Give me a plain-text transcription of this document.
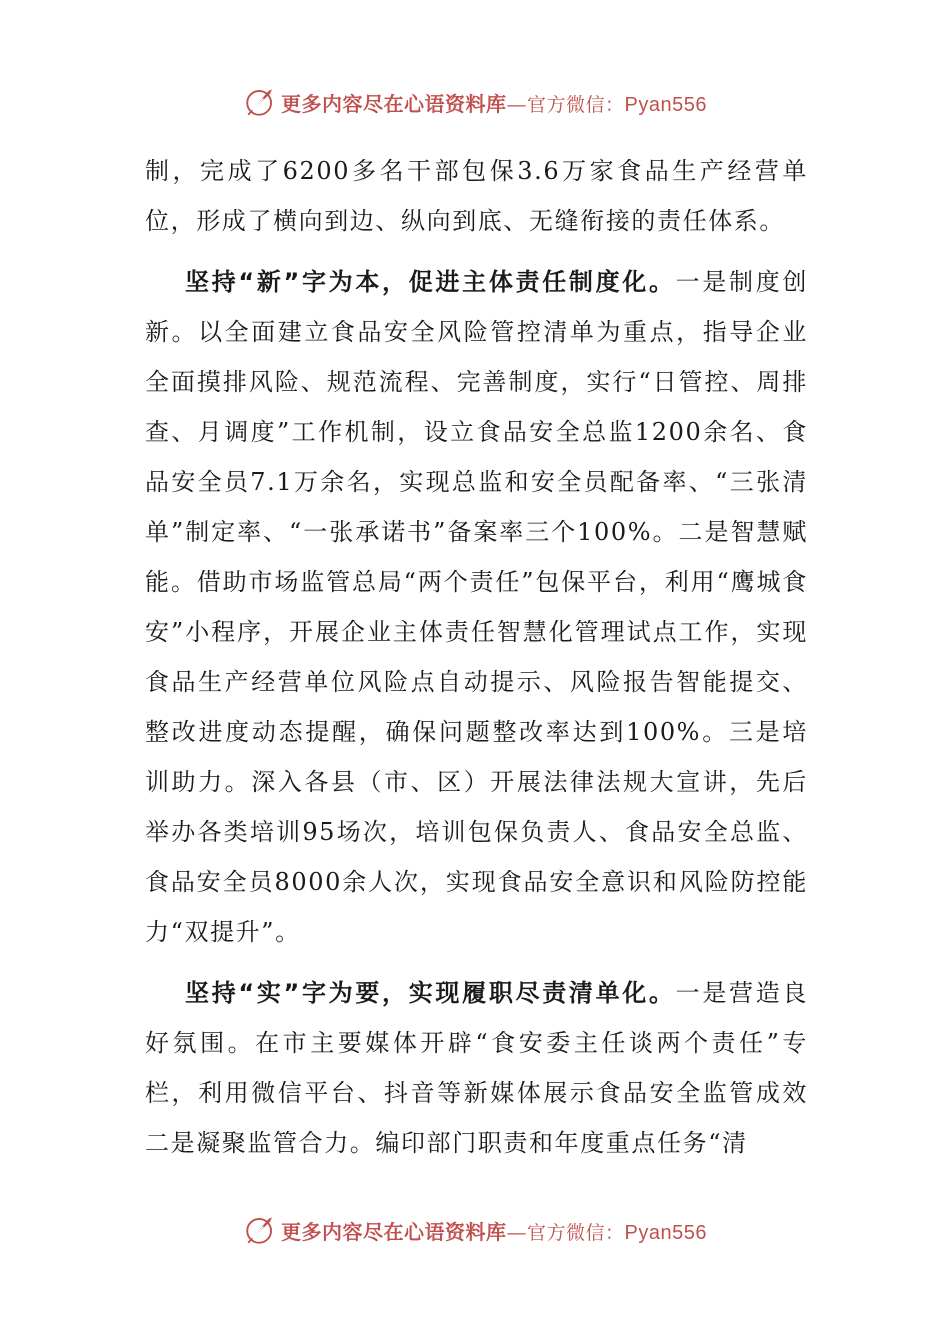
更多内容尽在心语资料库—官方微信：Pyan556

制，完成了6200多名干部包保3.6万家食品生产经营单位，形成了横向到边、纵向到底、无缝衔接的责任体系。

坚持“新”字为本，促进主体责任制度化。一是制度创新。以全面建立食品安全风险管控清单为重点，指导企业全面摸排风险、规范流程、完善制度，实行“日管控、周排查、月调度”工作机制，设立食品安全总监1200余名、食品安全员7.1万余名，实现总监和安全员配备率、“三张清单”制定率、“一张承诺书”备案率三个100%。二是智慧赋能。借助市场监管总局“两个责任”包保平台，利用“鹰城食安”小程序，开展企业主体责任智慧化管理试点工作，实现食品生产经营单位风险点自动提示、风险报告智能提交、整改进度动态提醒，确保问题整改率达到100%。三是培训助力。深入各县（市、区）开展法律法规大宣讲，先后举办各类培训95场次，培训包保负责人、食品安全总监、食品安全员8000余人次，实现食品安全意识和风险防控能力“双提升”。

坚持“实”字为要，实现履职尽责清单化。一是营造良好氛围。在市主要媒体开辟“食安委主任谈两个责任”专栏，利用微信平台、抖音等新媒体展示食品安全监管成效二是凝聚监管合力。编印部门职责和年度重点任务“清

更多内容尽在心语资料库—官方微信：Pyan556
